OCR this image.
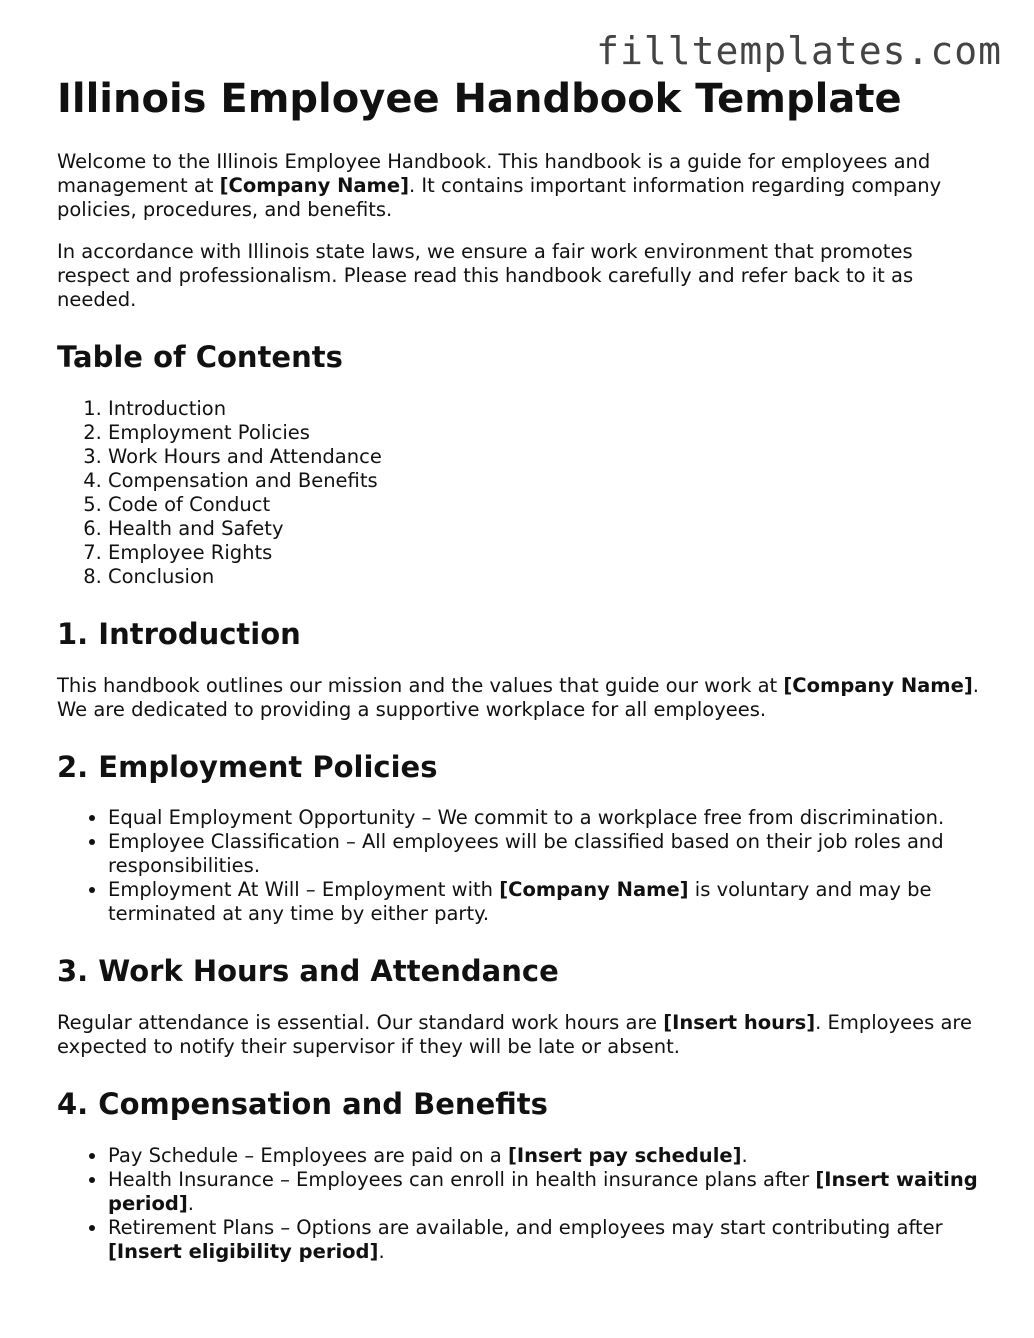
filltemplates.com
Illinois Employee Handbook Template

Welcome to the Illinois Employee Handbook. This handbook is a guide for employees and management at [Company Name]. It contains important information regarding company policies, procedures, and benefits.

In accordance with Illinois state laws, we ensure a fair work environment that promotes respect and professionalism. Please read this handbook carefully and refer back to it as needed.

Table of Contents
1. Introduction
2. Employment Policies
3. Work Hours and Attendance
4. Compensation and Benefits
5. Code of Conduct
6. Health and Safety
7. Employee Rights
8. Conclusion
1. Introduction

This handbook outlines our mission and the values that guide our work at [Company Name]. We are dedicated to providing a supportive workplace for all employees.

2. Employment Policies
• Equal Employment Opportunity – We commit to a workplace free from discrimination.
• Employee Classification – All employees will be classified based on their job roles and responsibilities.
• Employment At Will – Employment with [Company Name] is voluntary and may be terminated at any time by either party.
3. Work Hours and Attendance

Regular attendance is essential. Our standard work hours are [Insert hours]. Employees are expected to notify their supervisor if they will be late or absent.

4. Compensation and Benefits
• Pay Schedule – Employees are paid on a [Insert pay schedule].
• Health Insurance – Employees can enroll in health insurance plans after [Insert waiting period].
• Retirement Plans – Options are available, and employees may start contributing after [Insert eligibility period].
